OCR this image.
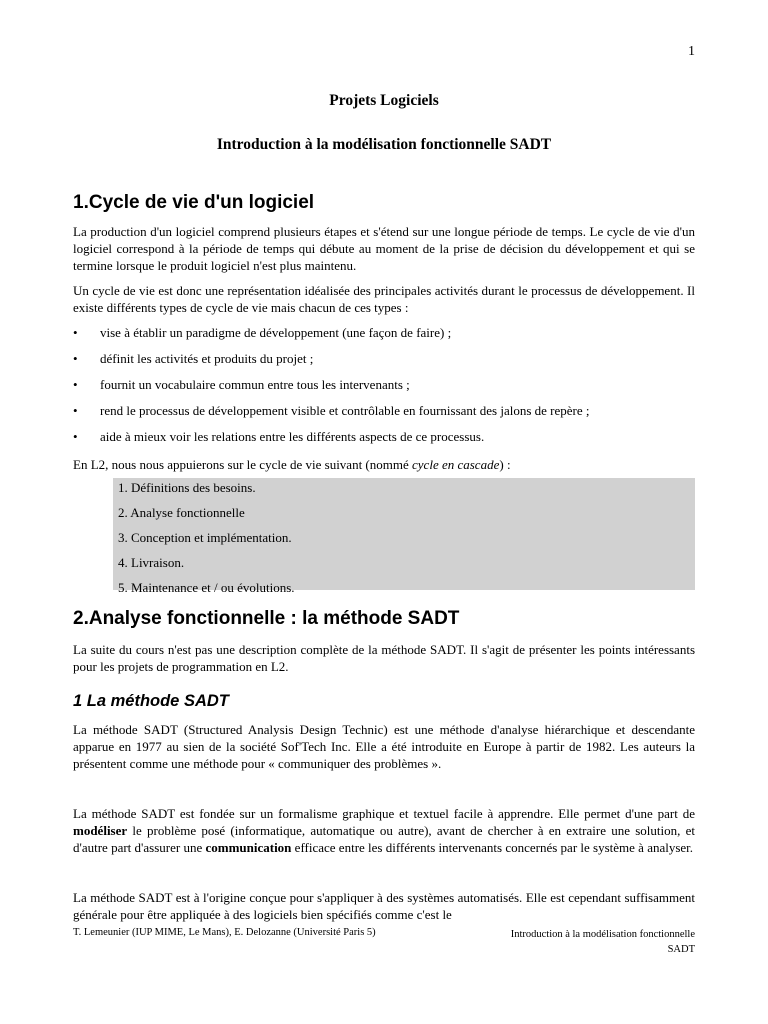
1
Projets Logiciels
Introduction à la modélisation fonctionnelle SADT
1.Cycle de vie d'un logiciel
La production d'un logiciel comprend plusieurs étapes et s'étend sur une longue période de temps. Le cycle de vie d'un logiciel correspond à la période de temps qui débute au moment de la prise de décision du développement et qui se termine lorsque le produit logiciel n'est plus maintenu.
Un cycle de vie est donc une représentation idéalisée des principales activités durant le processus de développement. Il existe différents types de cycle de vie mais chacun de ces types :
• vise à établir un paradigme de développement (une façon de faire) ;
• définit les activités et produits du projet ;
• fournit un vocabulaire commun entre tous les intervenants ;
• rend le processus de développement visible et contrôlable en fournissant des jalons de repère ;
• aide à mieux voir les relations entre les différents aspects de ce processus.
En L2, nous nous appuierons sur le cycle de vie suivant (nommé cycle en cascade) :
1. Définitions des besoins.
2. Analyse fonctionnelle
3. Conception et implémentation.
4. Livraison.
5. Maintenance et / ou évolutions.
2.Analyse fonctionnelle : la méthode SADT
La suite du cours n'est pas une description complète de la méthode SADT. Il s'agit de présenter les points intéressants pour les projets de programmation en L2.
1 La méthode SADT
La méthode SADT (Structured Analysis Design Technic) est une méthode d'analyse hiérarchique et descendante apparue en 1977 au sien de la société Sof'Tech Inc. Elle a été introduite en Europe à partir de 1982. Les auteurs la présentent comme une méthode pour « communiquer des problèmes ».
La méthode SADT est fondée sur un formalisme graphique et textuel facile à apprendre. Elle permet d'une part de modéliser le problème posé (informatique, automatique ou autre), avant de chercher à en extraire une solution, et d'autre part d'assurer une communication efficace entre les différents intervenants concernés par le système à analyser.
La méthode SADT est à l'origine conçue pour s'appliquer à des systèmes automatisés. Elle est cependant suffisamment générale pour être appliquée à des logiciels bien spécifiés comme c'est le
T. Lemeunier (IUP MIME, Le Mans), E. Delozanne (Université Paris 5)	Introduction à la modélisation fonctionnelle
SADT
